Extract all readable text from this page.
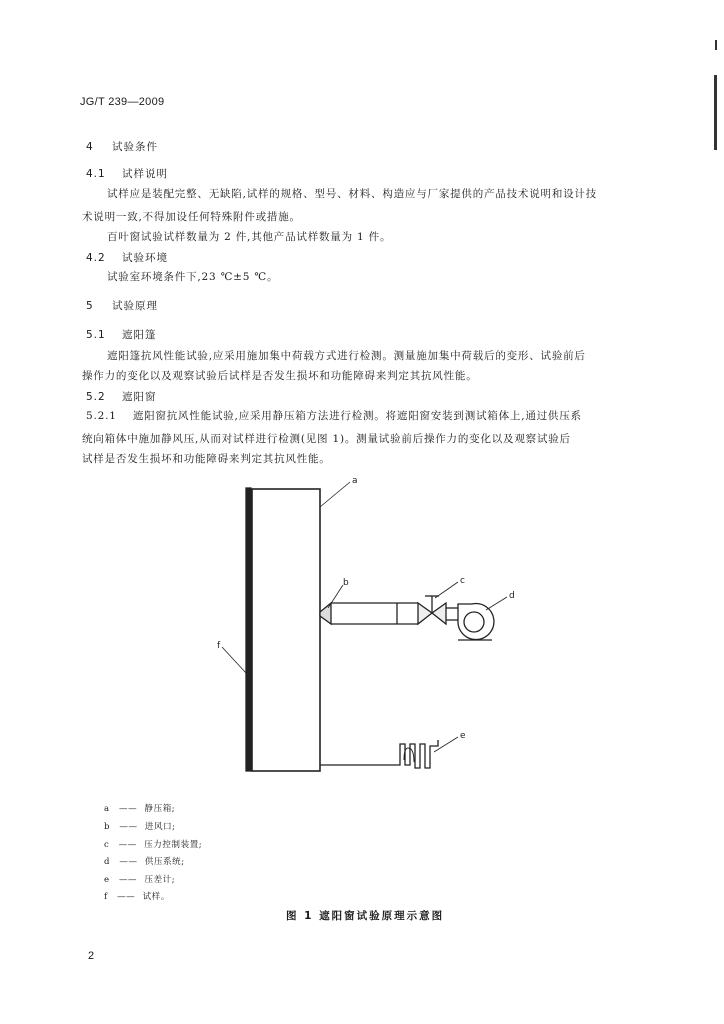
JG/T 239—2009
4 试验条件
4.1 试样说明
试样应是装配完整、无缺陷,试样的规格、型号、材料、构造应与厂家提供的产品技术说明和设计技
术说明一致,不得加设任何特殊附件或措施。
百叶窗试验试样数量为 2 件,其他产品试样数量为 1 件。
4.2 试验环境
试验室环境条件下,23 ℃±5 ℃。
5 试验原理
5.1 遮阳篷
遮阳篷抗风性能试验,应采用施加集中荷载方式进行检测。测量施加集中荷载后的变形、试验前后
操作力的变化以及观察试验后试样是否发生损坏和功能障碍来判定其抗风性能。
5.2 遮阳窗
5.2.1 遮阳窗抗风性能试验,应采用静压箱方法进行检测。将遮阳窗安装到测试箱体上,通过供压系
统向箱体中施加静风压,从而对试样进行检测(见图 1)。测量试验前后操作力的变化以及观察试验后
试样是否发生损坏和功能障碍来判定其抗风性能。
a
b	c
d
e
f
a —— 静压箱;
b —— 进风口;
c —— 压力控制装置;
d —— 供压系统;
e —— 压差计;
f —— 试样。
图 1 遮阳窗试验原理示意图
2
